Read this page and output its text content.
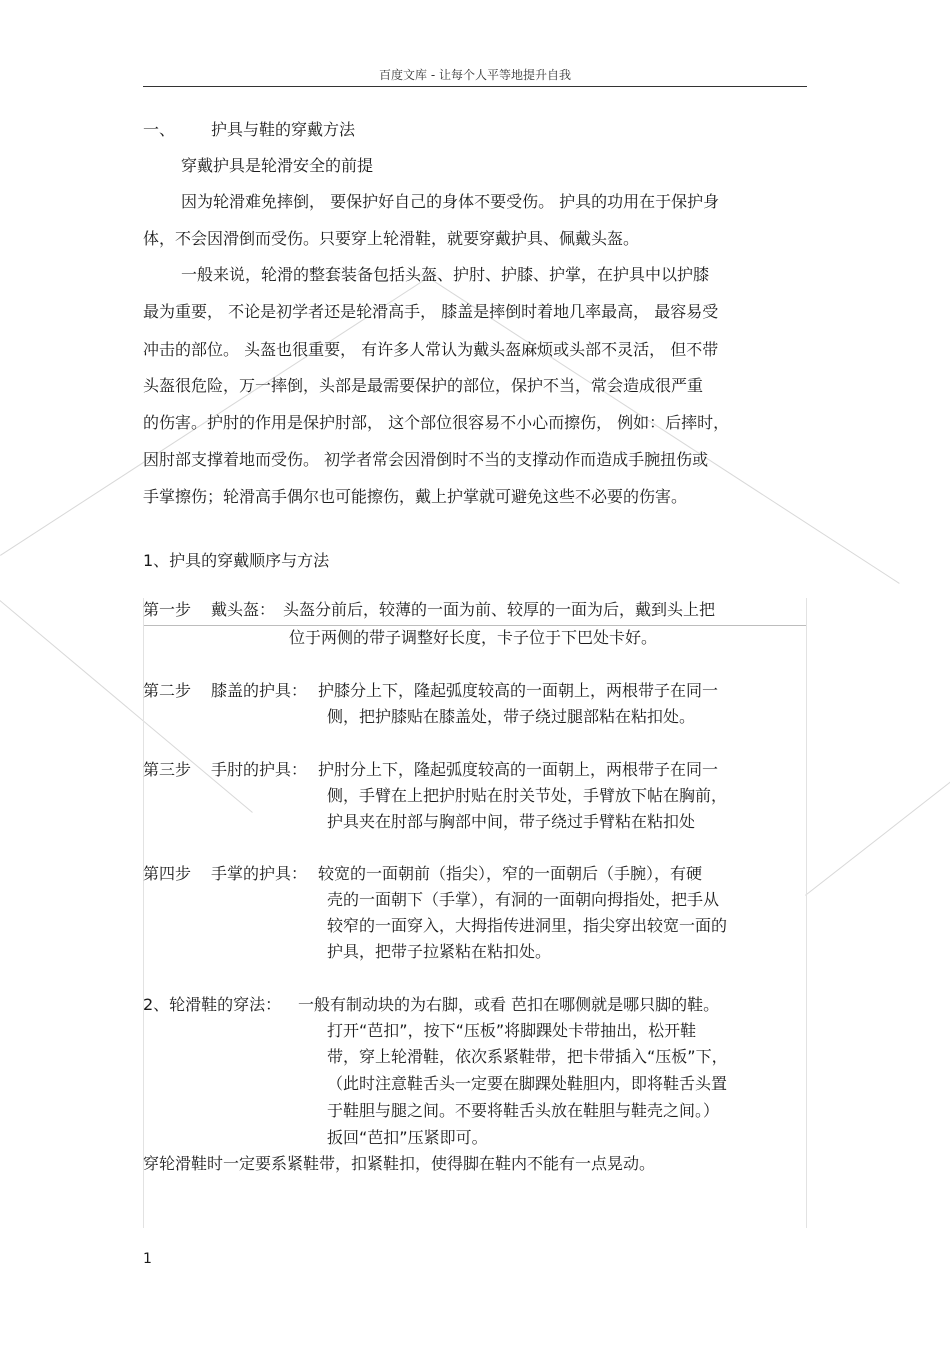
百度文库 - 让每个人平等地提升自我
一、 护具与鞋的穿戴方法
穿戴护具是轮滑安全的前提
因为轮滑难免摔倒， 要保护好自己的身体不要受伤。 护具的功用在于保护身
体，不会因滑倒而受伤。只要穿上轮滑鞋，就要穿戴护具、佩戴头盔。
一般来说，轮滑的整套装备包括头盔、护肘、护膝、护掌，在护具中以护膝
最为重要， 不论是初学者还是轮滑高手， 膝盖是摔倒时着地几率最高， 最容易受
冲击的部位。 头盔也很重要， 有许多人常认为戴头盔麻烦或头部不灵活， 但不带
头盔很危险，万一摔倒，头部是最需要保护的部位，保护不当，常会造成很严重
的伤害。护肘的作用是保护肘部， 这个部位很容易不小心而擦伤， 例如：后摔时，
因肘部支撑着地而受伤。 初学者常会因滑倒时不当的支撑动作而造成手腕扭伤或
手掌擦伤；轮滑高手偶尔也可能擦伤，戴上护掌就可避免这些不必要的伤害。
1、护具的穿戴顺序与方法
第一步 戴头盔： 头盔分前后，较薄的一面为前、较厚的一面为后，戴到头上把
位于两侧的带子调整好长度，卡子位于下巴处卡好。
第二步 膝盖的护具： 护膝分上下，隆起弧度较高的一面朝上，两根带子在同一
侧，把护膝贴在膝盖处，带子绕过腿部粘在粘扣处。
第三步 手肘的护具： 护肘分上下，隆起弧度较高的一面朝上，两根带子在同一
侧，手臂在上把护肘贴在肘关节处，手臂放下帖在胸前，
护具夹在肘部与胸部中间，带子绕过手臂粘在粘扣处
第四步 手掌的护具： 较宽的一面朝前（指尖），窄的一面朝后（手腕），有硬
壳的一面朝下（手掌），有洞的一面朝向拇指处，把手从
较窄的一面穿入，大拇指传进洞里，指尖穿出较宽一面的
护具，把带子拉紧粘在粘扣处。
2、轮滑鞋的穿法： 一般有制动块的为右脚，或看 芭扣在哪侧就是哪只脚的鞋。
打开“芭扣”，按下“压板”将脚踝处卡带抽出，松开鞋
带，穿上轮滑鞋，依次系紧鞋带，把卡带插入“压板”下，
（此时注意鞋舌头一定要在脚踝处鞋胆内，即将鞋舌头置
于鞋胆与腿之间。不要将鞋舌头放在鞋胆与鞋壳之间。）
扳回“芭扣”压紧即可。
穿轮滑鞋时一定要系紧鞋带，扣紧鞋扣，使得脚在鞋内不能有一点晃动。
1
